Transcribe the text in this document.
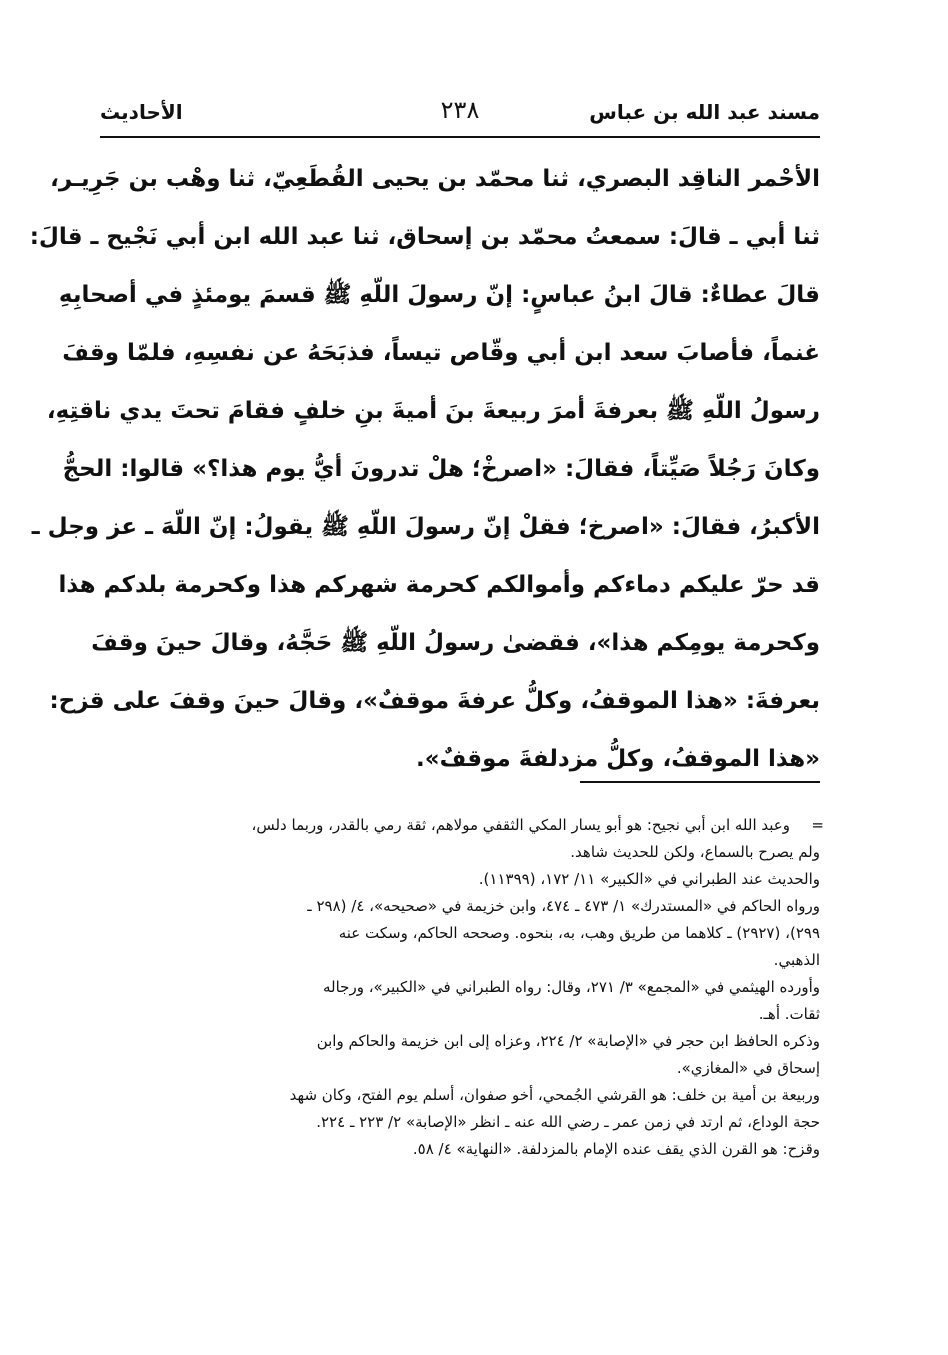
مسند عبد الله بن عباس
٢٣٨
الأحاديث
الأحْمر الناقِد البصري، ثنا محمّد بن يحيى القُطَعِيّ، ثنا وهْب بن جَرِيـر،
ثنا أبي ـ قالَ: سمعتُ محمّد بن إسحاق، ثنا عبد الله ابن أبي نَجْيح ـ قالَ:
قالَ عطاءٌ: قالَ ابنُ عباسٍ: إنّ رسولَ اللّهِ ﷺ قسمَ يومئذٍ في أصحابِهِ
غنماً، فأصابَ سعد ابن أبي وقّاص تيساً، فذبَحَهُ عن نفسِهِ، فلمّا وقفَ
رسولُ اللّهِ ﷺ بعرفةَ أمرَ ربيعةَ بنَ أميةَ بنِ خلفٍ فقامَ تحتَ يدي ناقتِهِ،
وكانَ رَجُلاً صَيِّتاً، فقالَ: «اصرخْ؛ هلْ تدرونَ أيُّ يوم هذا؟» قالوا: الحجُّ
الأكبرُ، فقالَ: «اصرخ؛ فقلْ إنّ رسولَ اللّهِ ﷺ يقولُ: إنّ اللّهَ ـ عز وجل ـ
قد حرّ عليكم دماءكم وأموالكم كحرمة شهركم هذا وكحرمة بلدكم هذا
وكحرمة يومِكم هذا»، فقضىٰ رسولُ اللّهِ ﷺ حَجَّهُ، وقالَ حينَ وقفَ
بعرفةَ: «هذا الموقفُ، وكلُّ عرفةَ موقفٌ»، وقالَ حينَ وقفَ على قزح:
«هذا الموقفُ، وكلُّ مزدلفةَ موقفٌ».
=
وعبد الله ابن أبي نجيح: هو أبو يسار المكي الثقفي مولاهم، ثقة رمي بالقدر، وربما دلس،
ولم يصرح بالسماع، ولكن للحديث شاهد.
والحديث عند الطبراني في «الكبير» ١١/ ١٧٢، (١١٣٩٩).
ورواه الحاكم في «المستدرك» ١/ ٤٧٣ ـ ٤٧٤، وابن خزيمة في «صحيحه»، ٤/ (٢٩٨ ـ
٢٩٩)، (٢٩٢٧) ـ كلاهما من طريق وهب، به، بنحوه. وصححه الحاكم، وسكت عنه
الذهبي.
وأورده الهيثمي في «المجمع» ٣/ ٢٧١، وقال: رواه الطبراني في «الكبير»، ورجاله
ثقات. أهـ.
وذكره الحافظ ابن حجر في «الإصابة» ٢/ ٢٢٤، وعزاه إلى ابن خزيمة والحاكم وابن
إسحاق في «المغازي».
وربيعة بن أمية بن خلف: هو القرشي الجُمحي، أخو صفوان، أسلم يوم الفتح، وكان شهد
حجة الوداع، ثم ارتد في زمن عمر ـ رضي الله عنه ـ انظر «الإصابة» ٢/ ٢٢٣ ـ ٢٢٤.
وقزح: هو القرن الذي يقف عنده الإمام بالمزدلفة. «النهاية» ٤/ ٥٨.
